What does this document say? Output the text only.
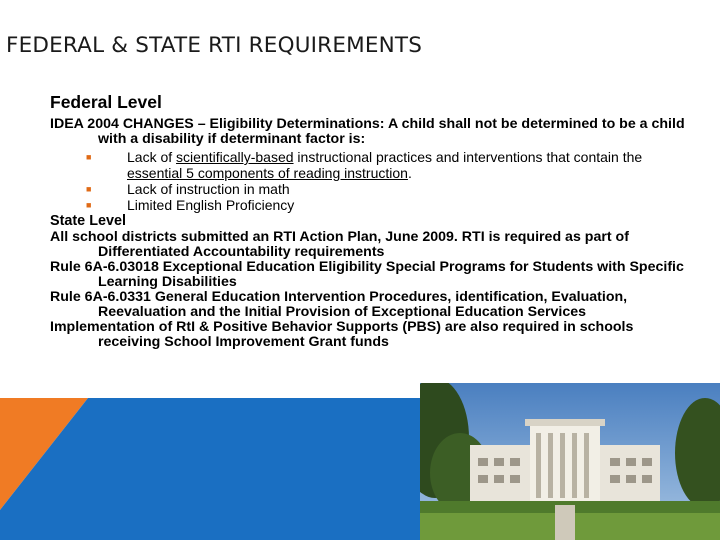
FEDERAL & STATE RTI REQUIREMENTS
Federal Level

IDEA 2004 CHANGES – Eligibility Determinations: A child shall not be determined to be a child with a disability if determinant factor is:

■	Lack of scientifically-based instructional practices and interventions that contain the essential 5 components of reading instruction.
■	Lack of instruction in math
■	Limited English Proficiency
State Level

All school districts submitted an RTI Action Plan, June 2009. RTI is required as part of Differentiated Accountability requirements

Rule 6A-6.03018 Exceptional Education Eligibility Special Programs for Students with Specific Learning Disabilities

Rule 6A-6.0331 General Education Intervention Procedures, identification, Evaluation, Reevaluation and the Initial Provision of Exceptional Education Services

Implementation of RtI & Positive Behavior Supports (PBS) are also required in schools receiving School Improvement Grant funds
